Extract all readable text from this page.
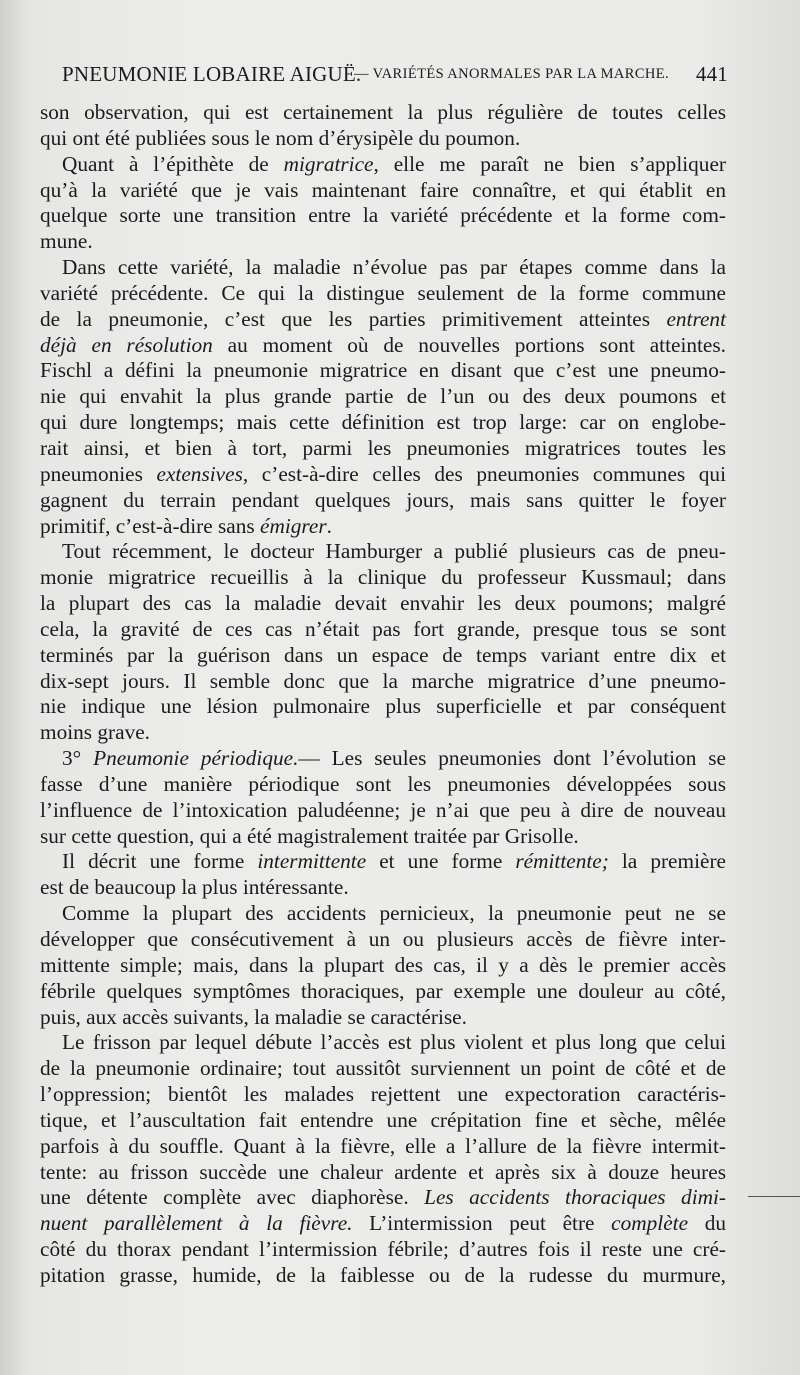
PNEUMONIE LOBAIRE AIGUË.
— VARIÉTÉS ANORMALES PAR LA MARCHE. 441
son observation, qui est certainement la plus régulière de toutes celles
qui ont été publiées sous le nom d’érysipèle du poumon.
Quant à l’épithète de migratrice, elle me paraît ne bien s’appliquer
qu’à la variété que je vais maintenant faire connaître, et qui établit en
quelque sorte une transition entre la variété précédente et la forme com-
mune.
Dans cette variété, la maladie n’évolue pas par étapes comme dans la
variété précédente. Ce qui la distingue seulement de la forme commune
de la pneumonie, c’est que les parties primitivement atteintes entrent
déjà en résolution au moment où de nouvelles portions sont atteintes.
Fischl a défini la pneumonie migratrice en disant que c’est une pneumo-
nie qui envahit la plus grande partie de l’un ou des deux poumons et
qui dure longtemps; mais cette définition est trop large: car on englobe-
rait ainsi, et bien à tort, parmi les pneumonies migratrices toutes les
pneumonies extensives, c’est-à-dire celles des pneumonies communes qui
gagnent du terrain pendant quelques jours, mais sans quitter le foyer
primitif, c’est-à-dire sans émigrer.
Tout récemment, le docteur Hamburger a publié plusieurs cas de pneu-
monie migratrice recueillis à la clinique du professeur Kussmaul; dans
la plupart des cas la maladie devait envahir les deux poumons; malgré
cela, la gravité de ces cas n’était pas fort grande, presque tous se sont
terminés par la guérison dans un espace de temps variant entre dix et
dix-sept jours. Il semble donc que la marche migratrice d’une pneumo-
nie indique une lésion pulmonaire plus superficielle et par conséquent
moins grave.
3° Pneumonie périodique.— Les seules pneumonies dont l’évolution se
fasse d’une manière périodique sont les pneumonies développées sous
l’influence de l’intoxication paludéenne; je n’ai que peu à dire de nouveau
sur cette question, qui a été magistralement traitée par Grisolle.
Il décrit une forme intermittente et une forme rémittente; la première
est de beaucoup la plus intéressante.
Comme la plupart des accidents pernicieux, la pneumonie peut ne se
développer que consécutivement à un ou plusieurs accès de fièvre inter-
mittente simple; mais, dans la plupart des cas, il y a dès le premier accès
fébrile quelques symptômes thoraciques, par exemple une douleur au côté,
puis, aux accès suivants, la maladie se caractérise.
Le frisson par lequel débute l’accès est plus violent et plus long que celui
de la pneumonie ordinaire; tout aussitôt surviennent un point de côté et de
l’oppression; bientôt les malades rejettent une expectoration caractéris-
tique, et l’auscultation fait entendre une crépitation fine et sèche, mêlée
parfois à du souffle. Quant à la fièvre, elle a l’allure de la fièvre intermit-
tente: au frisson succède une chaleur ardente et après six à douze heures
une détente complète avec diaphorèse. Les accidents thoraciques dimi-
nuent parallèlement à la fièvre. L’intermission peut être complète du
côté du thorax pendant l’intermission fébrile; d’autres fois il reste une cré-
pitation grasse, humide, de la faiblesse ou de la rudesse du murmure,
